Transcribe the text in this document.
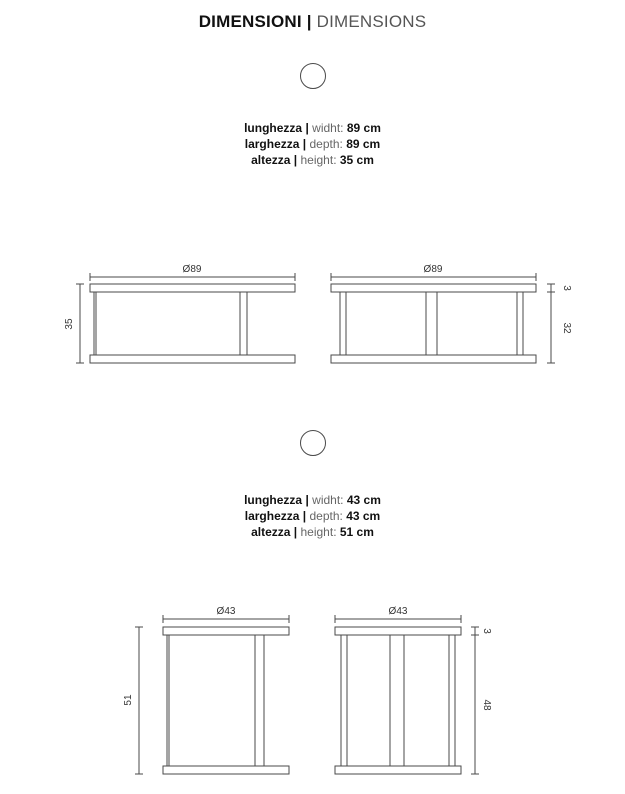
DIMENSIONI | DIMENSIONS
lunghezza | widht: 89 cm
larghezza | depth: 89 cm
altezza | height: 35 cm
lunghezza | widht: 43 cm
larghezza | depth: 43 cm
altezza | height: 51 cm
Ø89	Ø89
35
3
32
Ø43	Ø43
51
3
48
